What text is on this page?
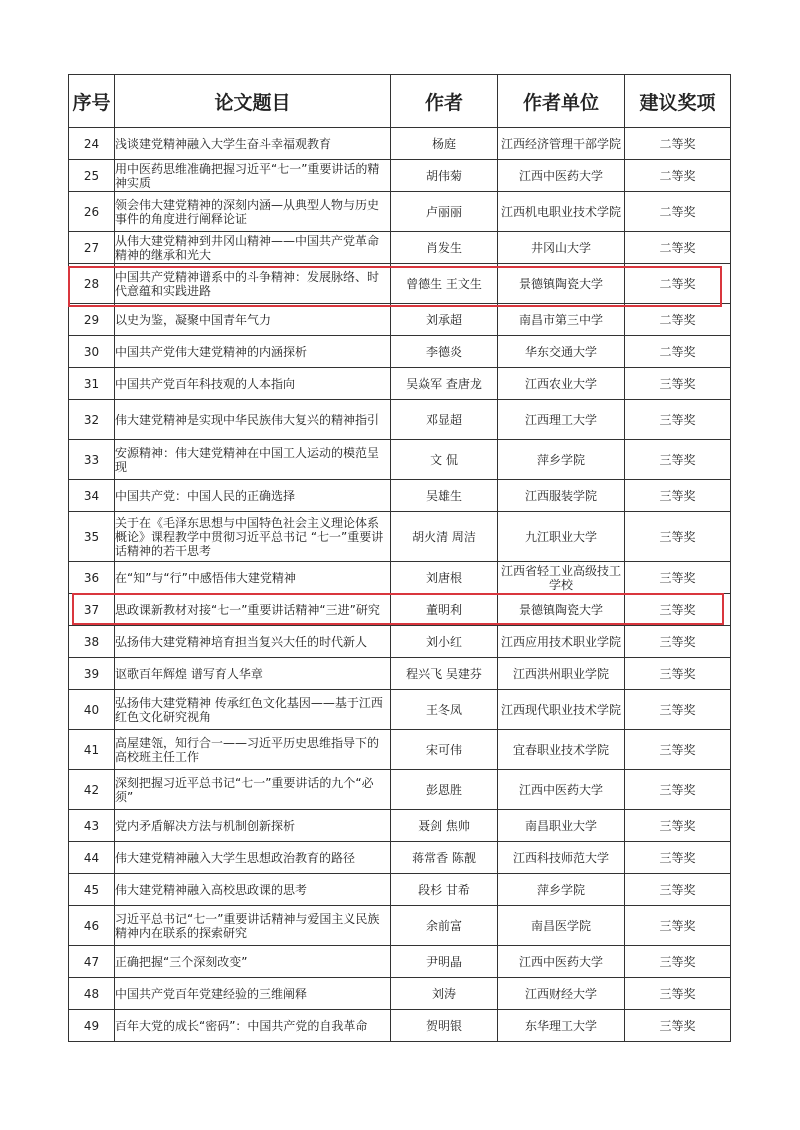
序号	论文题目	作者	作者单位	建议奖项

24	浅谈建党精神融入大学生奋斗幸福观教育	杨庭	江西经济管理干部学院	二等奖

25	用中医药思维准确把握习近平“七一”重要讲话的精神实质	胡伟菊	江西中医药大学	二等奖

26	领会伟大建党精神的深刻内涵—从典型人物与历史事件的角度进行阐释论证	卢丽丽	江西机电职业技术学院	二等奖

27	从伟大建党精神到井冈山精神——中国共产党革命精神的继承和光大	肖发生	井冈山大学	二等奖

28	中国共产党精神谱系中的斗争精神：发展脉络、时代意蕴和实践进路	曾德生 王文生	景德镇陶瓷大学	二等奖

29	以史为鉴，凝聚中国青年气力	刘承超	南昌市第三中学	二等奖

30	中国共产党伟大建党精神的内涵探析	李德炎	华东交通大学	二等奖

31	中国共产党百年科技观的人本指向	吴焱军 查唐龙	江西农业大学	三等奖

32	伟大建党精神是实现中华民族伟大复兴的精神指引	邓显超	江西理工大学	三等奖

33	安源精神：伟大建党精神在中国工人运动的模范呈现	文 侃	萍乡学院	三等奖

34	中国共产党：中国人民的正确选择	吴雄生	江西服装学院	三等奖

35	关于在《毛泽东思想与中国特色社会主义理论体系概论》课程教学中贯彻习近平总书记 “七一”重要讲话精神的若干思考	胡火清 周洁	九江职业大学	三等奖

36	在“知”与“行”中感悟伟大建党精神	刘唐根	江西省轻工业高级技工学校	三等奖

37	思政课新教材对接“七一”重要讲话精神“三进”研究	董明利	景德镇陶瓷大学	三等奖

38	弘扬伟大建党精神培育担当复兴大任的时代新人	刘小红	江西应用技术职业学院	三等奖

39	讴歌百年辉煌 谱写育人华章	程兴飞 吴建芬	江西洪州职业学院	三等奖

40	弘扬伟大建党精神 传承红色文化基因——基于江西红色文化研究视角	王冬凤	江西现代职业技术学院	三等奖

41	高屋建瓴，知行合一——习近平历史思维指导下的高校班主任工作	宋可伟	宜春职业技术学院	三等奖

42	深刻把握习近平总书记“七一”重要讲话的九个“必须”	彭恩胜	江西中医药大学	三等奖

43	党内矛盾解决方法与机制创新探析	聂剑 焦帅	南昌职业大学	三等奖

44	伟大建党精神融入大学生思想政治教育的路径	蒋常香 陈靓	江西科技师范大学	三等奖

45	伟大建党精神融入高校思政课的思考	段杉 甘希	萍乡学院	三等奖

46	习近平总书记“七一”重要讲话精神与爱国主义民族精神内在联系的探索研究	余前富	南昌医学院	三等奖

47	正确把握“三个深刻改变”	尹明晶	江西中医药大学	三等奖

48	中国共产党百年党建经验的三维阐释	刘涛	江西财经大学	三等奖

49	百年大党的成长“密码”：中国共产党的自我革命	贺明银	东华理工大学	三等奖
